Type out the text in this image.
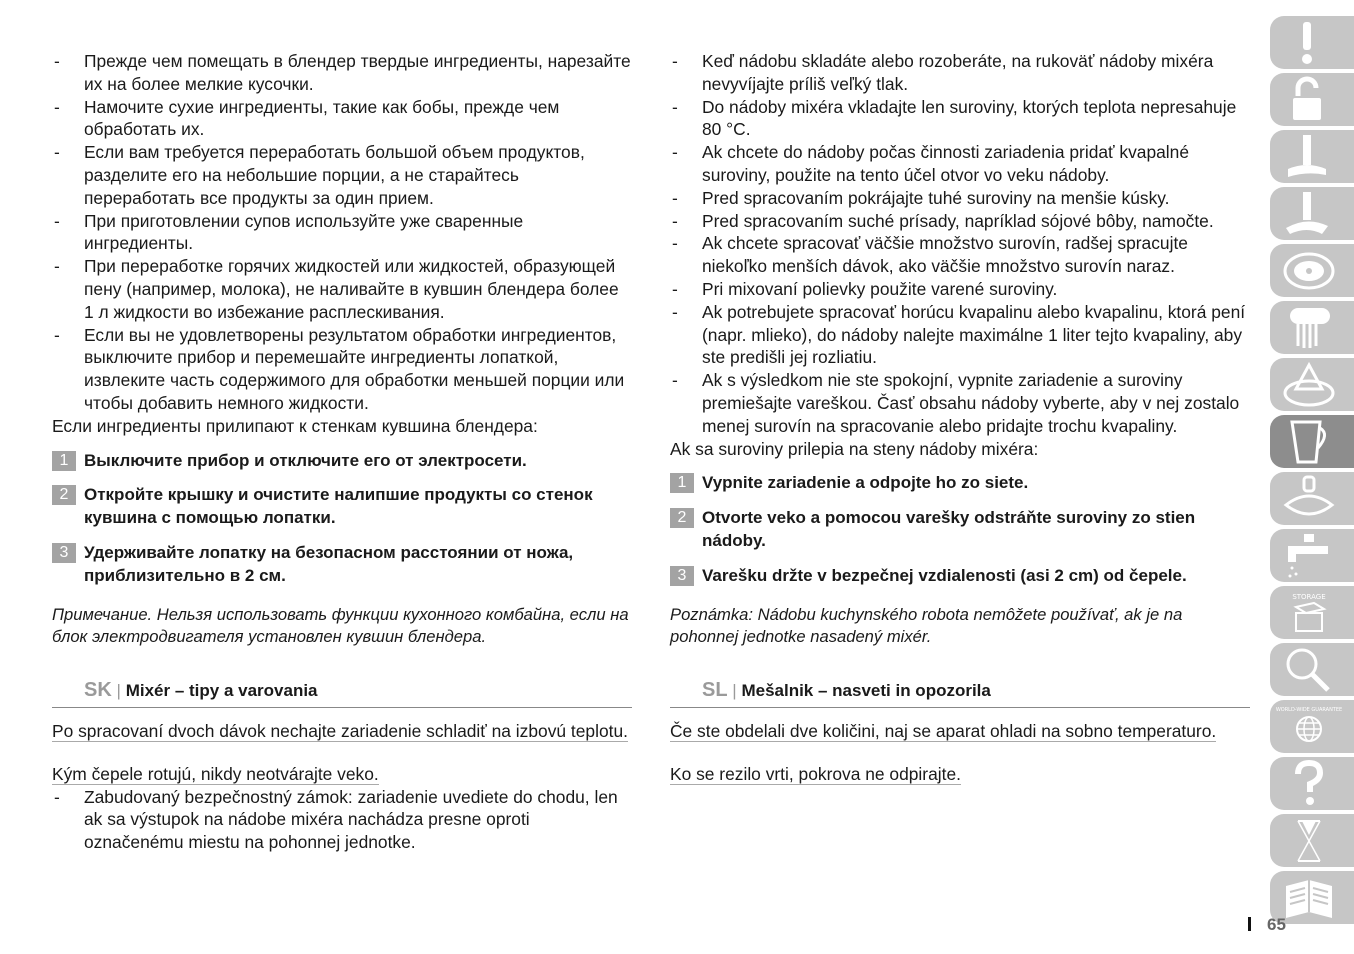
- Прежде чем помещать в блендер твердые ингредиенты, нарезайте их на более мелкие кусочки.
- Намочите сухие ингредиенты, такие как бобы, прежде чем обработать их.
- Если вам требуется переработать большой объем продуктов, разделите его на небольшие порции, а не старайтесь переработать все продукты за один прием.
- При приготовлении супов используйте уже сваренные ингредиенты.
- При переработке горячих жидкостей или жидкостей, образующей пену (например, молока), не наливайте в кувшин блендера более 1 л жидкости во избежание расплескивания.
- Если вы не удовлетворены результатом обработки ингредиентов, выключите прибор и перемешайте ингредиенты лопаткой, извлеките часть содержимого для обработки меньшей порции или чтобы добавить немного жидкости.

Если ингредиенты прилипают к стенкам кувшина блендера:

1 Выключите прибор и отключите его от электросети.
2 Откройте крышку и очистите налипшие продукты со стенок кувшина с помощью лопатки.
3 Удерживайте лопатку на безопасном расстоянии от ножа, приблизительно в 2 см.

Примечание. Нельзя использовать функции кухонного комбайна, если на блок электродвигателя установлен кувшин блендера.

SK | Mixér – tipy a varovania

Po spracovaní dvoch dávok nechajte zariadenie schladiť na izbovú teplotu.

Kým čepele rotujú, nikdy neotvárajte veko.

- Zabudovaný bezpečnostný zámok: zariadenie uvediete do chodu, len ak sa výstupok na nádobe mixéra nachádza presne oproti označenému miestu na pohonnej jednotke.
- Keď nádobu skladáte alebo rozoberáte, na rukoväť nádoby mixéra nevyvíjajte príliš veľký tlak.
- Do nádoby mixéra vkladajte len suroviny, ktorých teplota nepresahuje 80 °C.
- Ak chcete do nádoby počas činnosti zariadenia pridať kvapalné suroviny, použite na tento účel otvor vo veku nádoby.
- Pred spracovaním pokrájajte tuhé suroviny na menšie kúsky.
- Pred spracovaním suché prísady, napríklad sójové bôby, namočte.
- Ak chcete spracovať väčšie množstvo surovín, radšej spracujte niekoľko menších dávok, ako väčšie množstvo surovín naraz.
- Pri mixovaní polievky použite varené suroviny.
- Ak potrebujete spracovať horúcu kvapalinu alebo kvapalinu, ktorá pení (napr. mlieko), do nádoby nalejte maximálne 1 liter tejto kvapaliny, aby ste predišli jej rozliatiu.
- Ak s výsledkom nie ste spokojní, vypnite zariadenie a suroviny premiešajte vareškou. Časť obsahu nádoby vyberte, aby v nej zostalo menej surovín na spracovanie alebo pridajte trochu kvapaliny.

Ak sa suroviny prilepia na steny nádoby mixéra:

1 Vypnite zariadenie a odpojte ho zo siete.
2 Otvorte veko a pomocou varešky odstráňte suroviny zo stien nádoby.
3 Varešku držte v bezpečnej vzdialenosti (asi 2 cm) od čepele.

Poznámka: Nádobu kuchynského robota nemôžete používať, ak je na pohonnej jednotke nasadený mixér.

SL | Mešalnik – nasveti in opozorila

Če ste obdelali dve količini, naj se aparat ohladi na sobno temperaturo.

Ko se rezilo vrti, pokrova ne odpirajte.

STORAGE
WORLD-WIDE GUARANTEE
65
